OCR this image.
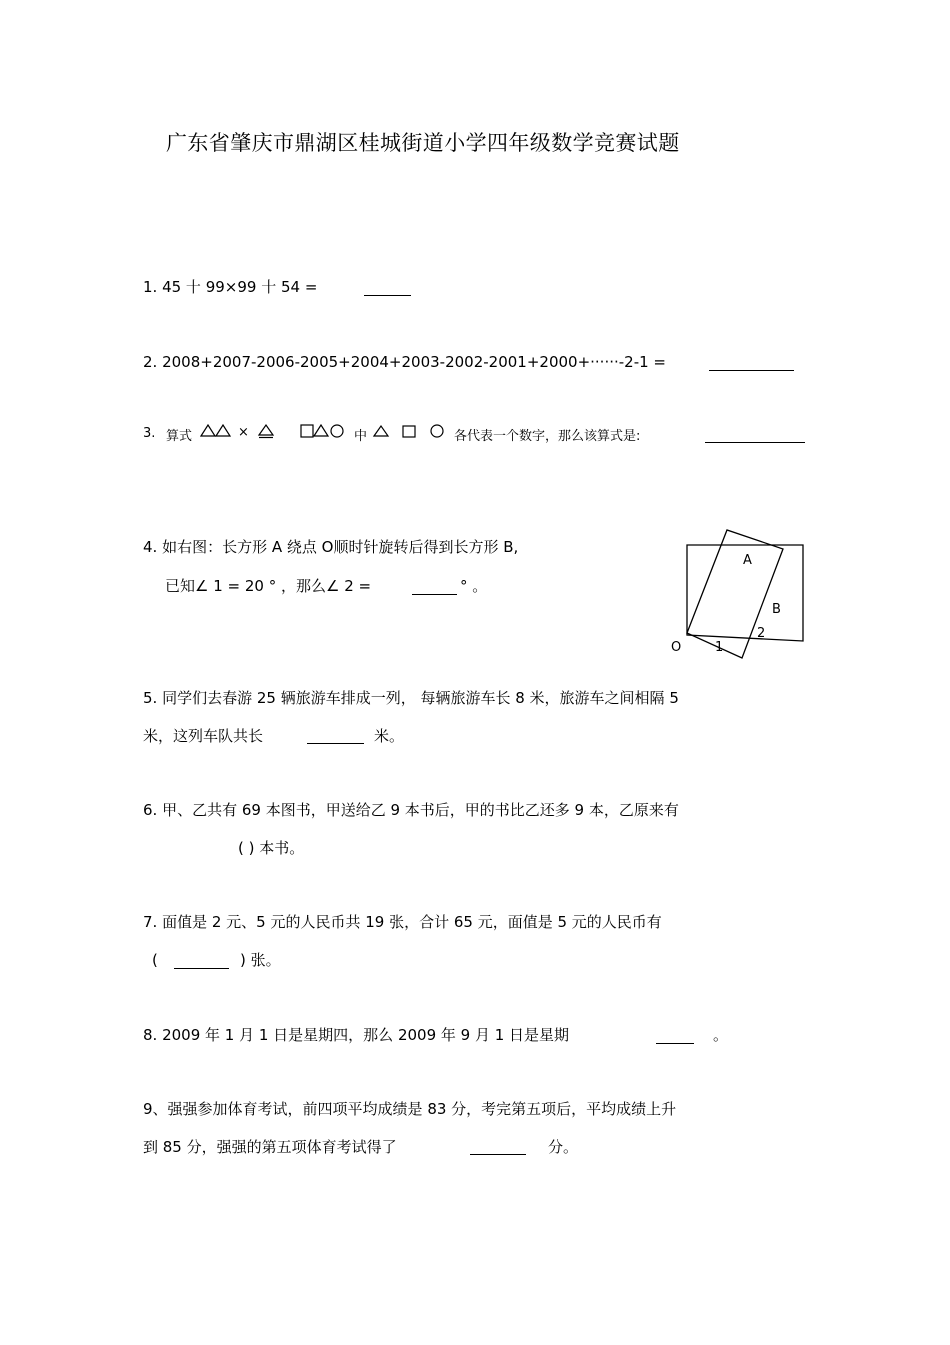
广东省肇庆市鼎湖区桂城街道小学四年级数学竞赛试题
1. 45 十 99×99 十 54 =
2. 2008+2007-2006-2005+2004+2003-2002-2001+2000+······-2-1 =
3. 算式	×	中	各代表一个数字，那么该算式是:
4. 如右图：长方形 A 绕点 O顺时针旋转后得到长方形 B,
已知∠ 1 = 20 ° ，那么∠ 2 =	° 。
A
B
O	1
2
5. 同学们去春游 25 辆旅游车排成一列， 每辆旅游车长 8 米，旅游车之间相隔 5
米，这列车队共长	米。
6. 甲、乙共有 69 本图书，甲送给乙 9 本书后，甲的书比乙还多 9 本，乙原来有
( ) 本书。
7. 面值是 2 元、5 元的人民币共 19 张，合计 65 元，面值是 5 元的人民币有
(	) 张。
8. 2009 年 1 月 1 日是星期四，那么 2009 年 9 月 1 日是星期	。
9、强强参加体育考试，前四项平均成绩是 83 分，考完第五项后，平均成绩上升
到 85 分，强强的第五项体育考试得了	分。
